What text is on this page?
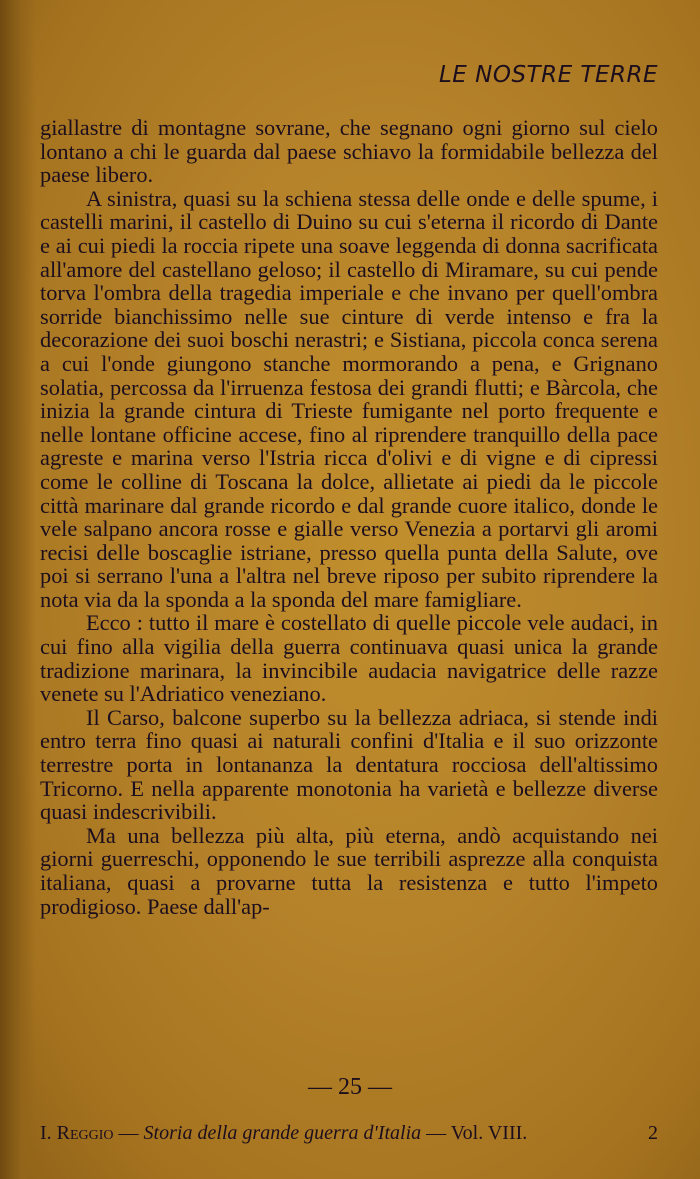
LE NOSTRE TERRE

giallastre di montagne sovrane, che segnano ogni giorno sul cielo lontano a chi le guarda dal paese schiavo la formidabile bellezza del paese libero.

A sinistra, quasi su la schiena stessa delle onde e delle spume, i castelli marini, il castello di Duino su cui s'eterna il ricordo di Dante e ai cui piedi la roccia ripete una soave leggenda di donna sacrificata all'amore del castellano geloso; il castello di Miramare, su cui pende torva l'ombra della tragedia imperiale e che invano per quell'ombra sorride bianchissimo nelle sue cinture di verde intenso e fra la decorazione dei suoi boschi nerastri; e Sistiana, piccola conca serena a cui l'onde giungono stanche mormorando a pena, e Grignano solatia, percossa da l'irruenza festosa dei grandi flutti; e Bàrcola, che inizia la grande cintura di Trieste fumigante nel porto frequente e nelle lontane officine accese, fino al riprendere tranquillo della pace agreste e marina verso l'Istria ricca d'olivi e di vigne e di cipressi come le colline di Toscana la dolce, allietate ai piedi da le piccole città marinare dal grande ricordo e dal grande cuore italico, donde le vele salpano ancora rosse e gialle verso Venezia a portarvi gli aromi recisi delle boscaglie istriane, presso quella punta della Salute, ove poi si serrano l'una a l'altra nel breve riposo per subito riprendere la nota via da la sponda a la sponda del mare famigliare.

Ecco : tutto il mare è costellato di quelle piccole vele audaci, in cui fino alla vigilia della guerra continuava quasi unica la grande tradizione marinara, la invincibile audacia navigatrice delle razze venete su l'Adriatico veneziano.

Il Carso, balcone superbo su la bellezza adriaca, si stende indi entro terra fino quasi ai naturali confini d'Italia e il suo orizzonte terrestre porta in lontananza la dentatura rocciosa dell'altissimo Tricorno. E nella apparente monotonia ha varietà e bellezze diverse quasi indescrivibili.

Ma una bellezza più alta, più eterna, andò acquistando nei giorni guerreschi, opponendo le sue terribili asprezze alla conquista italiana, quasi a provarne tutta la resistenza e tutto l'impeto prodigioso. Paese dall'ap-

— 25 —
I. Reggio — Storia della grande guerra d'Italia — Vol. VIII.	2
